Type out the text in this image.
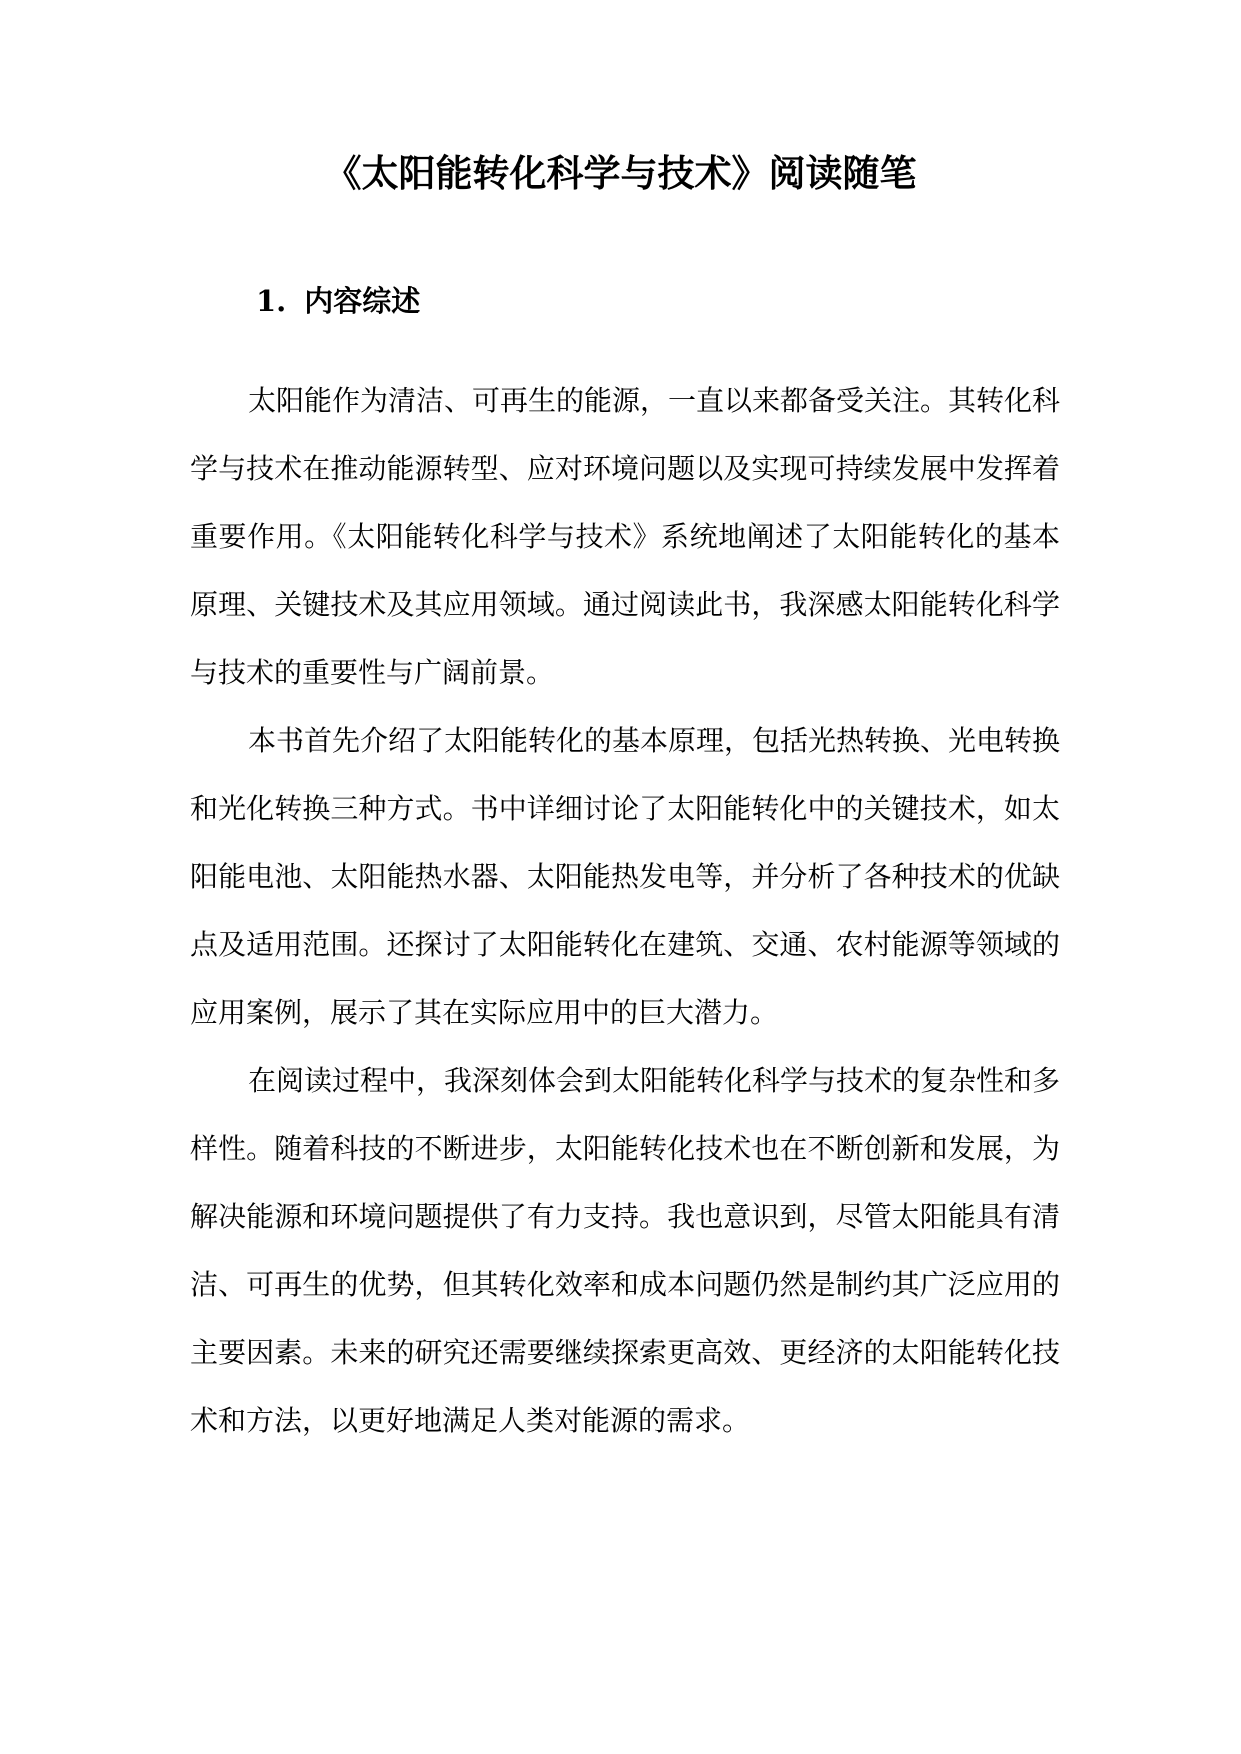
《太阳能转化科学与技术》阅读随笔
1. 内容综述

太阳能作为清洁、可再生的能源，一直以来都备受关注。其转化科学与技术在推动能源转型、应对环境问题以及实现可持续发展中发挥着重要作用。《太阳能转化科学与技术》系统地阐述了太阳能转化的基本原理、关键技术及其应用领域。通过阅读此书，我深感太阳能转化科学与技术的重要性与广阔前景。

本书首先介绍了太阳能转化的基本原理，包括光热转换、光电转换和光化转换三种方式。书中详细讨论了太阳能转化中的关键技术，如太阳能电池、太阳能热水器、太阳能热发电等，并分析了各种技术的优缺点及适用范围。还探讨了太阳能转化在建筑、交通、农村能源等领域的应用案例，展示了其在实际应用中的巨大潜力。

在阅读过程中，我深刻体会到太阳能转化科学与技术的复杂性和多样性。随着科技的不断进步，太阳能转化技术也在不断创新和发展，为解决能源和环境问题提供了有力支持。我也意识到，尽管太阳能具有清洁、可再生的优势，但其转化效率和成本问题仍然是制约其广泛应用的主要因素。未来的研究还需要继续探索更高效、更经济的太阳能转化技术和方法，以更好地满足人类对能源的需求。
